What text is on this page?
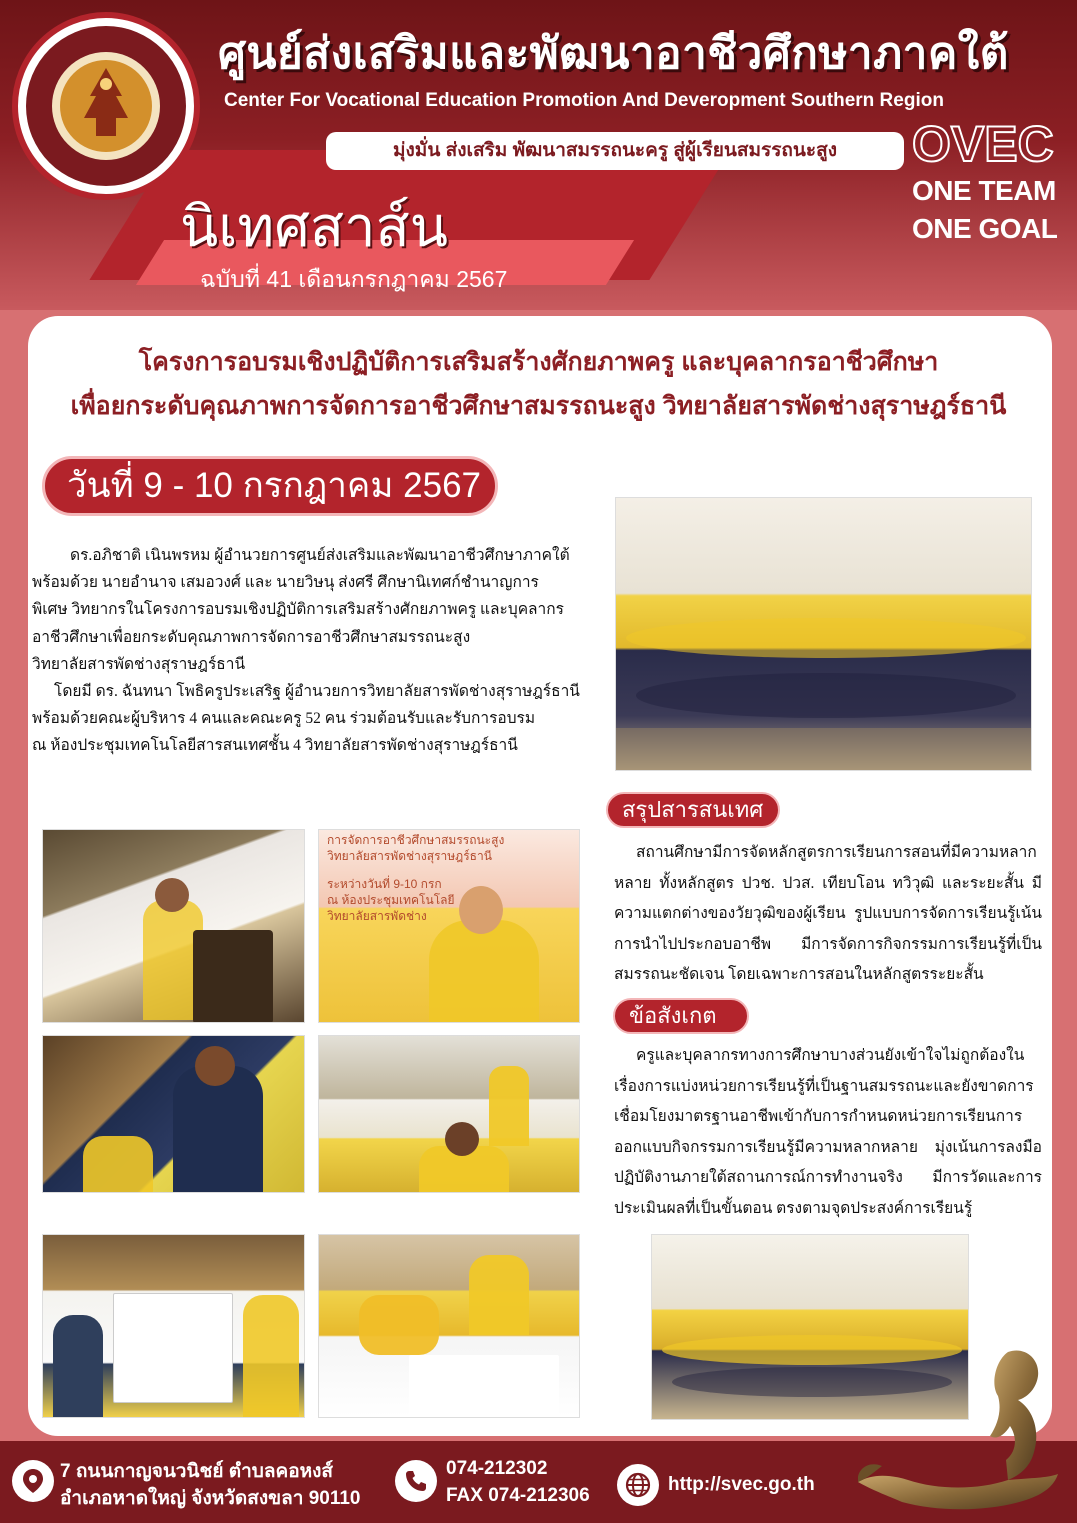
ศูนย์ส่งเสริมและพัฒนาอาชีวศึกษาภาคใต้
Center For Vocational Education Promotion And Deveropment Southern Region
มุ่งมั่น ส่งเสริม พัฒนาสมรรถนะครู สู่ผู้เรียนสมรรถนะสูง	OVEC
ONE TEAM
ONE GOAL
นิเทศสาส์น
ฉบับที่ 41 เดือนกรกฎาคม 2567
โครงการอบรมเชิงปฏิบัติการเสริมสร้างศักยภาพครู และบุคลากรอาชีวศึกษา
เพื่อยกระดับคุณภาพการจัดการอาชีวศึกษาสมรรถนะสูง วิทยาลัยสารพัดช่างสุราษฎร์ธานี
วันที่ 9 - 10 กรกฎาคม 2567

ดร.อภิชาติ เนินพรหม ผู้อำนวยการศูนย์ส่งเสริมและพัฒนาอาชีวศึกษาภาคใต้

พร้อมด้วย นายอำนาจ เสมอวงศ์ และ นายวิษนุ ส่งศรี ศึกษานิเทศก์ชำนาญการ

พิเศษ วิทยากรในโครงการอบรมเชิงปฏิบัติการเสริมสร้างศักยภาพครู และบุคลากร

อาชีวศึกษาเพื่อยกระดับคุณภาพการจัดการอาชีวศึกษาสมรรถนะสูง

วิทยาลัยสารพัดช่างสุราษฎร์ธานี

โดยมี ดร. ฉันทนา โพธิครูประเสริฐ ผู้อำนวยการวิทยาลัยสารพัดช่างสุราษฎร์ธานี

พร้อมด้วยคณะผู้บริหาร 4 คนและคณะครู 52 คน ร่วมต้อนรับและรับการอบรม

ณ ห้องประชุมเทคโนโลยีสารสนเทศชั้น 4 วิทยาลัยสารพัดช่างสุราษฎร์ธานี

สรุปสารสนเทศ

สถานศึกษามีการจัดหลักสูตรการเรียนการสอนที่มีความหลากหลาย ทั้งหลักสูตร ปวช. ปวส. เทียบโอน ทวิวุฒิ และระยะสั้น มีความแตกต่างของวัยวุฒิของผู้เรียน รูปแบบการจัดการเรียนรู้เน้นการนำไปประกอบอาชีพ มีการจัดการกิจกรรมการเรียนรู้ที่เป็นสมรรถนะชัดเจน โดยเฉพาะการสอนในหลักสูตรระยะสั้น

ข้อสังเกต

ครูและบุคลากรทางการศึกษาบางส่วนยังเข้าใจไม่ถูกต้องในเรื่องการแบ่งหน่วยการเรียนรู้ที่เป็นฐานสมรรถนะและยังขาดการเชื่อมโยงมาตรฐานอาชีพเข้ากับการกำหนดหน่วยการเรียนการออกแบบกิจกรรมการเรียนรู้มีความหลากหลาย มุ่งเน้นการลงมือปฏิบัติงานภายใต้สถานการณ์การทำงานจริง มีการวัดและการประเมินผลที่เป็นขั้นตอน ตรงตามจุดประสงค์การเรียนรู้

การจัดการอาชีวศึกษาสมรรถนะสูง
วิทยาลัยสารพัดช่างสุราษฎร์ธานี
ระหว่างวันที่ 9-10 กรก
ณ ห้องประชุมเทคโนโลยี
วิทยาลัยสารพัดช่าง
7 ถนนกาญจนวนิชย์ ตำบลคอหงส์
อำเภอหาดใหญ่ จังหวัดสงขลา 90110
074-212302
FAX 074-212306
http://svec.go.th
